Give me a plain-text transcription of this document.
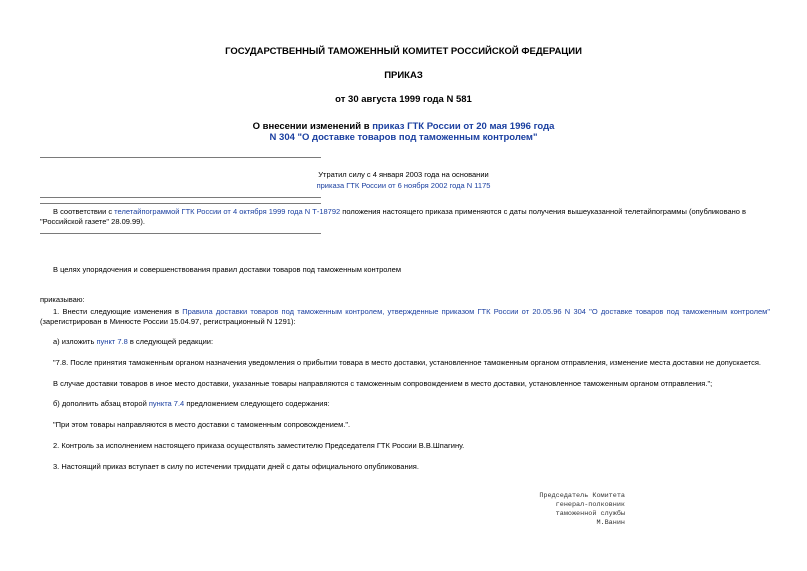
ГОСУДАРСТВЕННЫЙ ТАМОЖЕННЫЙ КОМИТЕТ РОССИЙСКОЙ ФЕДЕРАЦИИ
ПРИКАЗ
от 30 августа 1999 года N 581
О внесении изменений в приказ ГТК России от 20 мая 1996 года
N 304 "О доставке товаров под таможенным контролем"
Утратил силу с 4 января 2003 года на основании
приказа ГТК России от 6 ноября 2002 года N 1175
В соответствии с телетайпограммой ГТК России от 4 октября 1999 года N Т-18792 положения настоящего приказа применяются с даты получения вышеуказанной телетайпограммы (опубликовано в "Российской газете" 28.09.99).
В целях упорядочения и совершенствования правил доставки товаров под таможенным контролем
приказываю:
1. Внести следующие изменения в Правила доставки товаров под таможенным контролем, утвержденные приказом ГТК России от 20.05.96 N 304 "О доставке товаров под таможенным контролем" (зарегистрирован в Минюсте России 15.04.97, регистрационный N 1291):
а) изложить пункт 7.8 в следующей редакции:
"7.8. После принятия таможенным органом назначения уведомления о прибытии товара в место доставки, установленное таможенным органом отправления, изменение места доставки не допускается.
В случае доставки товаров в иное место доставки, указанные товары направляются с таможенным сопровождением в место доставки, установленное таможенным органом отправления.";
б) дополнить абзац второй пункта 7.4 предложением следующего содержания:
"При этом товары направляются в место доставки с таможенным сопровождением.".
2. Контроль за исполнением настоящего приказа осуществлять заместителю Председателя ГТК России В.В.Шпагину.
3. Настоящий приказ вступает в силу по истечении тридцати дней с даты официального опубликования.
Председатель Комитета
генерал-полковник
таможенной службы
М.Ванин
